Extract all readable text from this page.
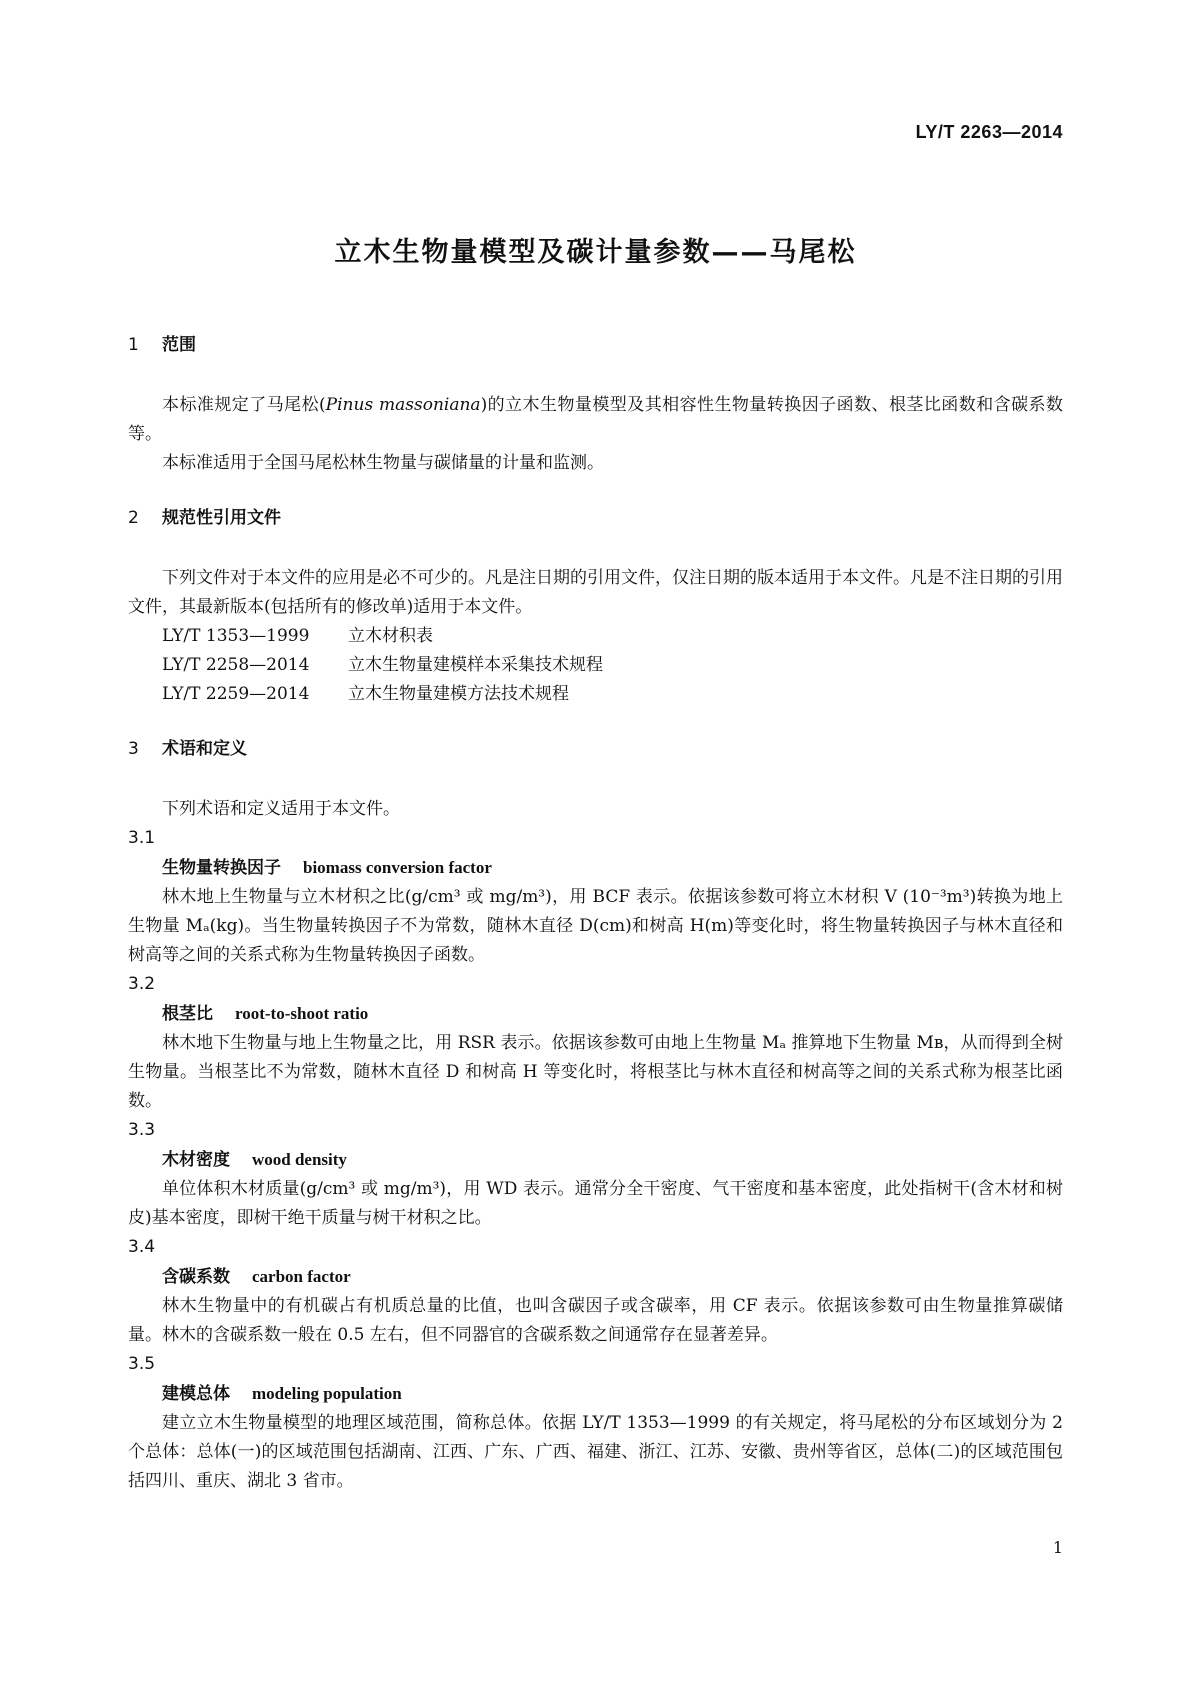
LY/T 2263—2014
立木生物量模型及碳计量参数——马尾松

1 范围

本标准规定了马尾松(Pinus massoniana)的立木生物量模型及其相容性生物量转换因子函数、根茎比函数和含碳系数等。

本标准适用于全国马尾松林生物量与碳储量的计量和监测。

2 规范性引用文件

下列文件对于本文件的应用是必不可少的。凡是注日期的引用文件，仅注日期的版本适用于本文件。凡是不注日期的引用文件，其最新版本(包括所有的修改单)适用于本文件。

LY/T 1353—1999 立木材积表

LY/T 2258—2014 立木生物量建模样本采集技术规程

LY/T 2259—2014 立木生物量建模方法技术规程

3 术语和定义

下列术语和定义适用于本文件。

3.1

生物量转换因子 biomass conversion factor

林木地上生物量与立木材积之比(g/cm³ 或 mg/m³)，用 BCF 表示。依据该参数可将立木材积 V (10⁻³m³)转换为地上生物量 Mₐ(kg)。当生物量转换因子不为常数，随林木直径 D(cm)和树高 H(m)等变化时，将生物量转换因子与林木直径和树高等之间的关系式称为生物量转换因子函数。

3.2

根茎比 root-to-shoot ratio

林木地下生物量与地上生物量之比，用 RSR 表示。依据该参数可由地上生物量 Mₐ 推算地下生物量 Mв，从而得到全树生物量。当根茎比不为常数，随林木直径 D 和树高 H 等变化时，将根茎比与林木直径和树高等之间的关系式称为根茎比函数。

3.3

木材密度 wood density

单位体积木材质量(g/cm³ 或 mg/m³)，用 WD 表示。通常分全干密度、气干密度和基本密度，此处指树干(含木材和树皮)基本密度，即树干绝干质量与树干材积之比。

3.4

含碳系数 carbon factor

林木生物量中的有机碳占有机质总量的比值，也叫含碳因子或含碳率，用 CF 表示。依据该参数可由生物量推算碳储量。林木的含碳系数一般在 0.5 左右，但不同器官的含碳系数之间通常存在显著差异。

3.5

建模总体 modeling population

建立立木生物量模型的地理区域范围，简称总体。依据 LY/T 1353—1999 的有关规定，将马尾松的分布区域划分为 2 个总体：总体(一)的区域范围包括湖南、江西、广东、广西、福建、浙江、江苏、安徽、贵州等省区，总体(二)的区域范围包括四川、重庆、湖北 3 省市。

1
